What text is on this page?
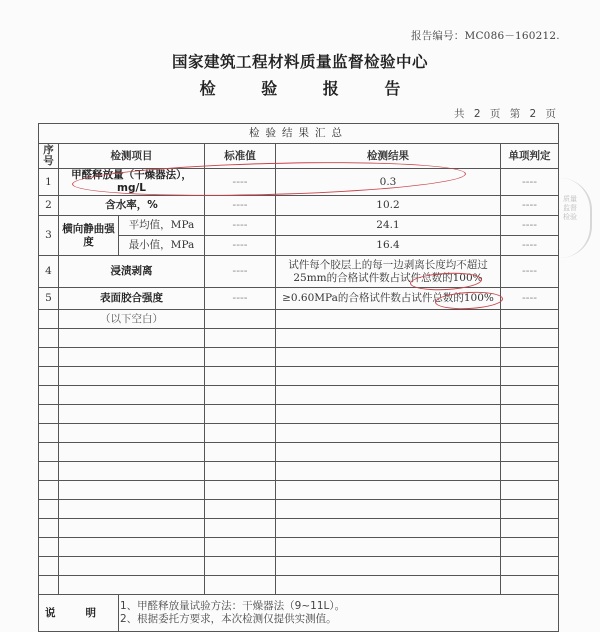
报告编号：MC086－160212.
国家建筑工程材料质量监督检验中心
检 验 报 告
共 2 页 第 2 页
检验结果汇总					
序号	检测项目		标准值	检测结果	单项判定
1	甲醛释放量（干燥器法），mg/L		----	0.3	----
2	含水率，%		----	10.2	----
3	横向静曲强度	平均值，MPa	----	24.1	----
		最小值，MPa	----	16.4	----
4	浸渍剥离		----	试件每个胶层上的每一边剥离长度均不超过25mm的合格试件数占试件总数的100%	----
5	表面胶合强度		----	≥0.60MPa的合格试件数占试件总数的100%	----
	（以下空白）				

说 明		1、甲醛释放量试验方法：干燥器法（9~11L）。
2、根据委托方要求，本次检测仅提供实测值。			
质量监督检验
